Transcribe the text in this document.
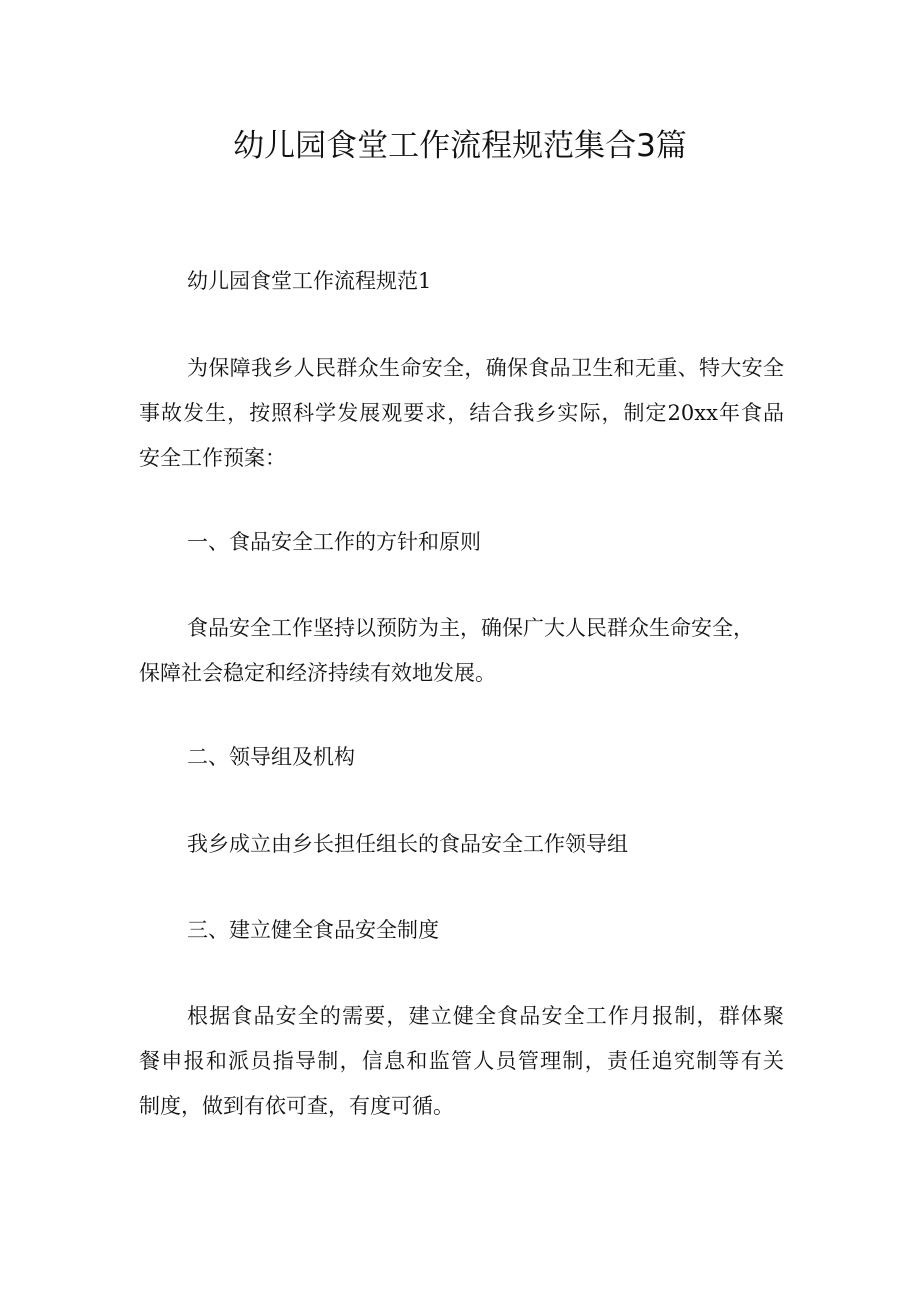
幼儿园食堂工作流程规范集合3篇

幼儿园食堂工作流程规范1

为保障我乡人民群众生命安全，确保食品卫生和无重、特大安全
事故发生，按照科学发展观要求，结合我乡实际，制定20xx年食品
安全工作预案：

一、食品安全工作的方针和原则

食品安全工作坚持以预防为主，确保广大人民群众生命安全，
保障社会稳定和经济持续有效地发展。

二、领导组及机构

我乡成立由乡长担任组长的食品安全工作领导组

三、建立健全食品安全制度

根据食品安全的需要，建立健全食品安全工作月报制，群体聚
餐申报和派员指导制，信息和监管人员管理制，责任追究制等有关
制度，做到有依可查，有度可循。
